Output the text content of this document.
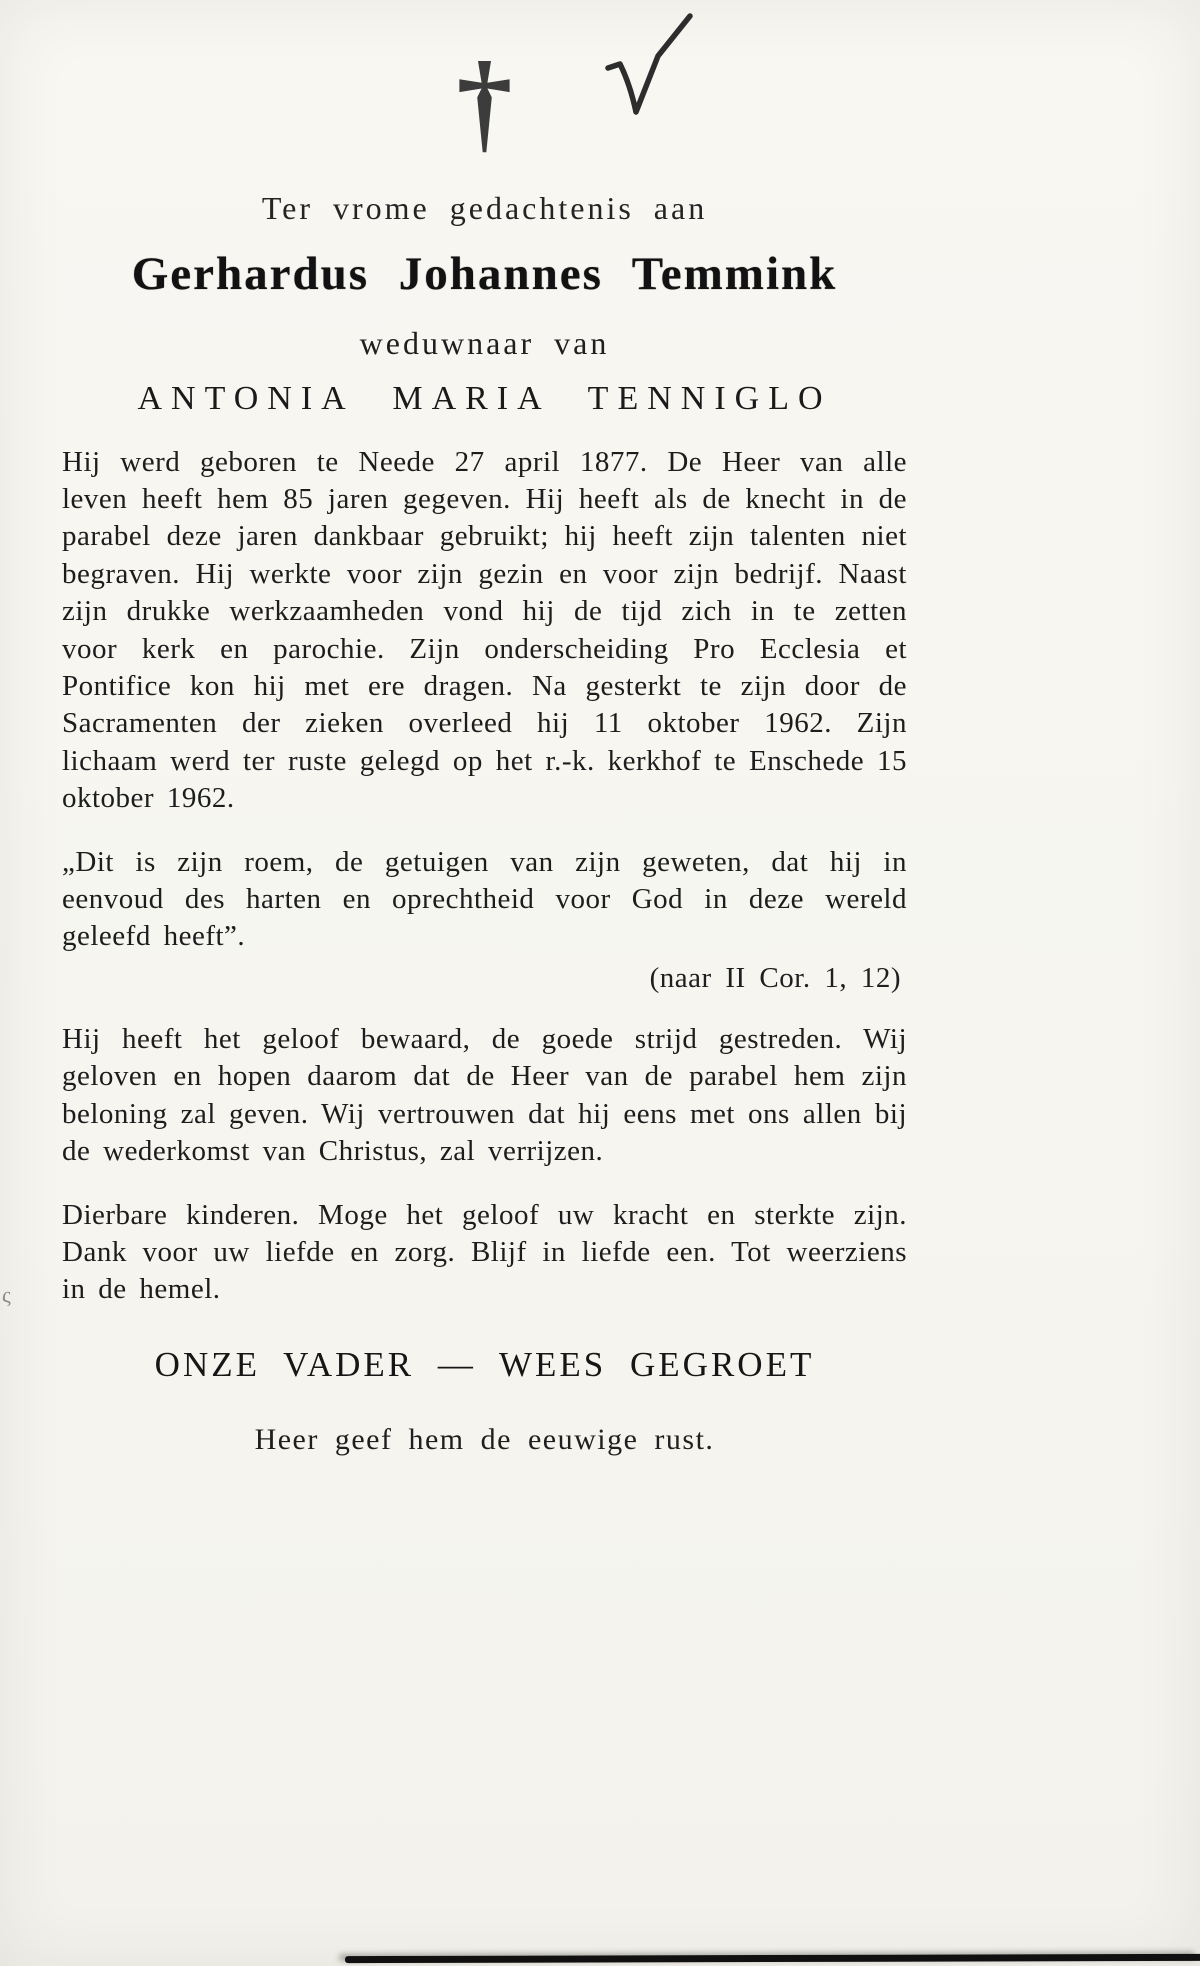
†
Ter vrome gedachtenis aan
Gerhardus Johannes Temmink
weduwnaar van
ANTONIA MARIA TENNIGLO

Hij werd geboren te Neede 27 april 1877. De Heer van alle leven heeft hem 85 jaren gegeven. Hij heeft als de knecht in de parabel deze jaren dankbaar gebruikt; hij heeft zijn talenten niet begraven. Hij werkte voor zijn gezin en voor zijn bedrijf. Naast zijn drukke werkzaamheden vond hij de tijd zich in te zetten voor kerk en parochie. Zijn onderscheiding Pro Ecclesia et Pontifice kon hij met ere dragen. Na gesterkt te zijn door de Sacramenten der zieken overleed hij 11 oktober 1962. Zijn lichaam werd ter ruste gelegd op het r.-k. kerkhof te Enschede 15 oktober 1962.

„Dit is zijn roem, de getuigen van zijn geweten, dat hij in eenvoud des harten en oprechtheid voor God in deze wereld geleefd heeft”.

(naar II Cor. 1, 12)

Hij heeft het geloof bewaard, de goede strijd gestreden. Wij geloven en hopen daarom dat de Heer van de parabel hem zijn beloning zal geven. Wij vertrouwen dat hij eens met ons allen bij de wederkomst van Christus, zal verrijzen.

Dierbare kinderen. Moge het geloof uw kracht en sterkte zijn. Dank voor uw liefde en zorg. Blijf in liefde een. Tot weerziens in de hemel.

ONZE VADER — WEES GEGROET
Heer geef hem de eeuwige rust.
ς
